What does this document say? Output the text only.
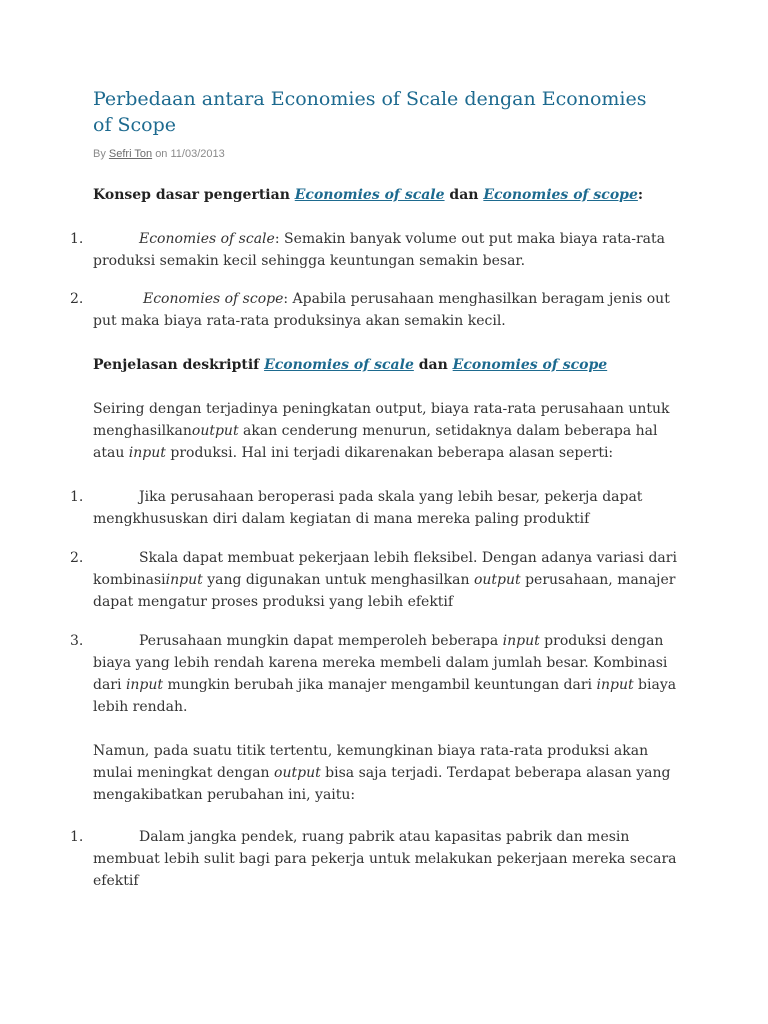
Perbedaan antara Economies of Scale dengan Economies of Scope
By Sefri Ton on 11/03/2013

Konsep dasar pengertian Economies of scale dan Economies of scope:

1.	Economies of scale: Semakin banyak volume out put maka biaya rata-rata produksi semakin kecil sehingga keuntungan semakin besar.

2.	Economies of scope: Apabila perusahaan menghasilkan beragam jenis out put maka biaya rata-rata produksinya akan semakin kecil.

Penjelasan deskriptif Economies of scale dan Economies of scope

Seiring dengan terjadinya peningkatan output, biaya rata-rata perusahaan untuk menghasilkanoutput akan cenderung menurun, setidaknya dalam beberapa hal atau input produksi. Hal ini terjadi dikarenakan beberapa alasan seperti:

1.	Jika perusahaan beroperasi pada skala yang lebih besar, pekerja dapat mengkhususkan diri dalam kegiatan di mana mereka paling produktif

2.	Skala dapat membuat pekerjaan lebih fleksibel. Dengan adanya variasi dari kombinasiinput yang digunakan untuk menghasilkan output perusahaan, manajer dapat mengatur proses produksi yang lebih efektif

3.	Perusahaan mungkin dapat memperoleh beberapa input produksi dengan biaya yang lebih rendah karena mereka membeli dalam jumlah besar. Kombinasi dari input mungkin berubah jika manajer mengambil keuntungan dari input biaya lebih rendah.

Namun, pada suatu titik tertentu, kemungkinan biaya rata-rata produksi akan mulai meningkat dengan output bisa saja terjadi. Terdapat beberapa alasan yang mengakibatkan perubahan ini, yaitu:

1.	Dalam jangka pendek, ruang pabrik atau kapasitas pabrik dan mesin membuat lebih sulit bagi para pekerja untuk melakukan pekerjaan mereka secara efektif
